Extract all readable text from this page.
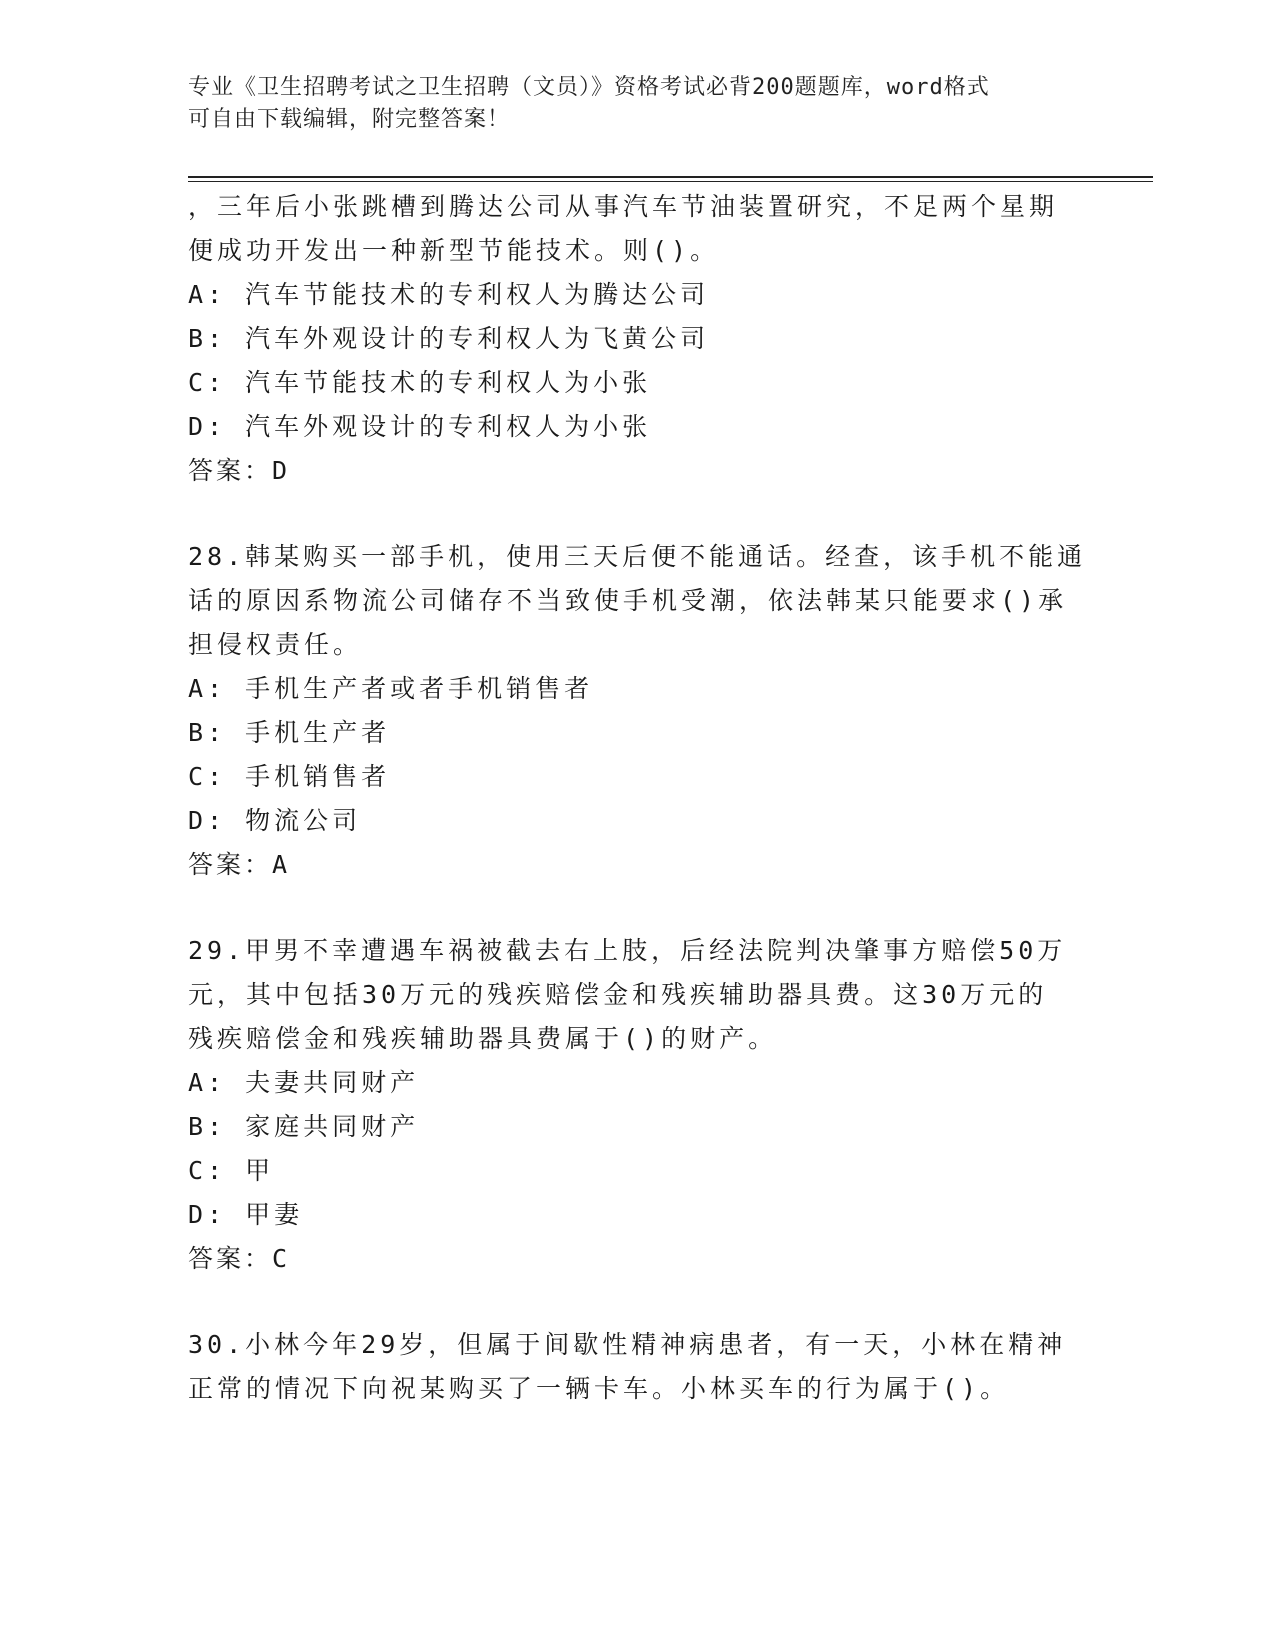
专业《卫生招聘考试之卫生招聘（文员）》资格考试必背200题题库，word格式
可自由下载编辑，附完整答案！
，三年后小张跳槽到腾达公司从事汽车节油装置研究，不足两个星期
便成功开发出一种新型节能技术。则()。
A: 汽车节能技术的专利权人为腾达公司
B: 汽车外观设计的专利权人为飞黄公司
C: 汽车节能技术的专利权人为小张
D: 汽车外观设计的专利权人为小张
答案：D
28.韩某购买一部手机，使用三天后便不能通话。经查，该手机不能通
话的原因系物流公司储存不当致使手机受潮，依法韩某只能要求()承
担侵权责任。
A: 手机生产者或者手机销售者
B: 手机生产者
C: 手机销售者
D: 物流公司
答案：A
29.甲男不幸遭遇车祸被截去右上肢，后经法院判决肇事方赔偿50万
元，其中包括30万元的残疾赔偿金和残疾辅助器具费。这30万元的
残疾赔偿金和残疾辅助器具费属于()的财产。
A: 夫妻共同财产
B: 家庭共同财产
C: 甲
D: 甲妻
答案：C
30.小林今年29岁，但属于间歇性精神病患者，有一天，小林在精神
正常的情况下向祝某购买了一辆卡车。小林买车的行为属于()。
